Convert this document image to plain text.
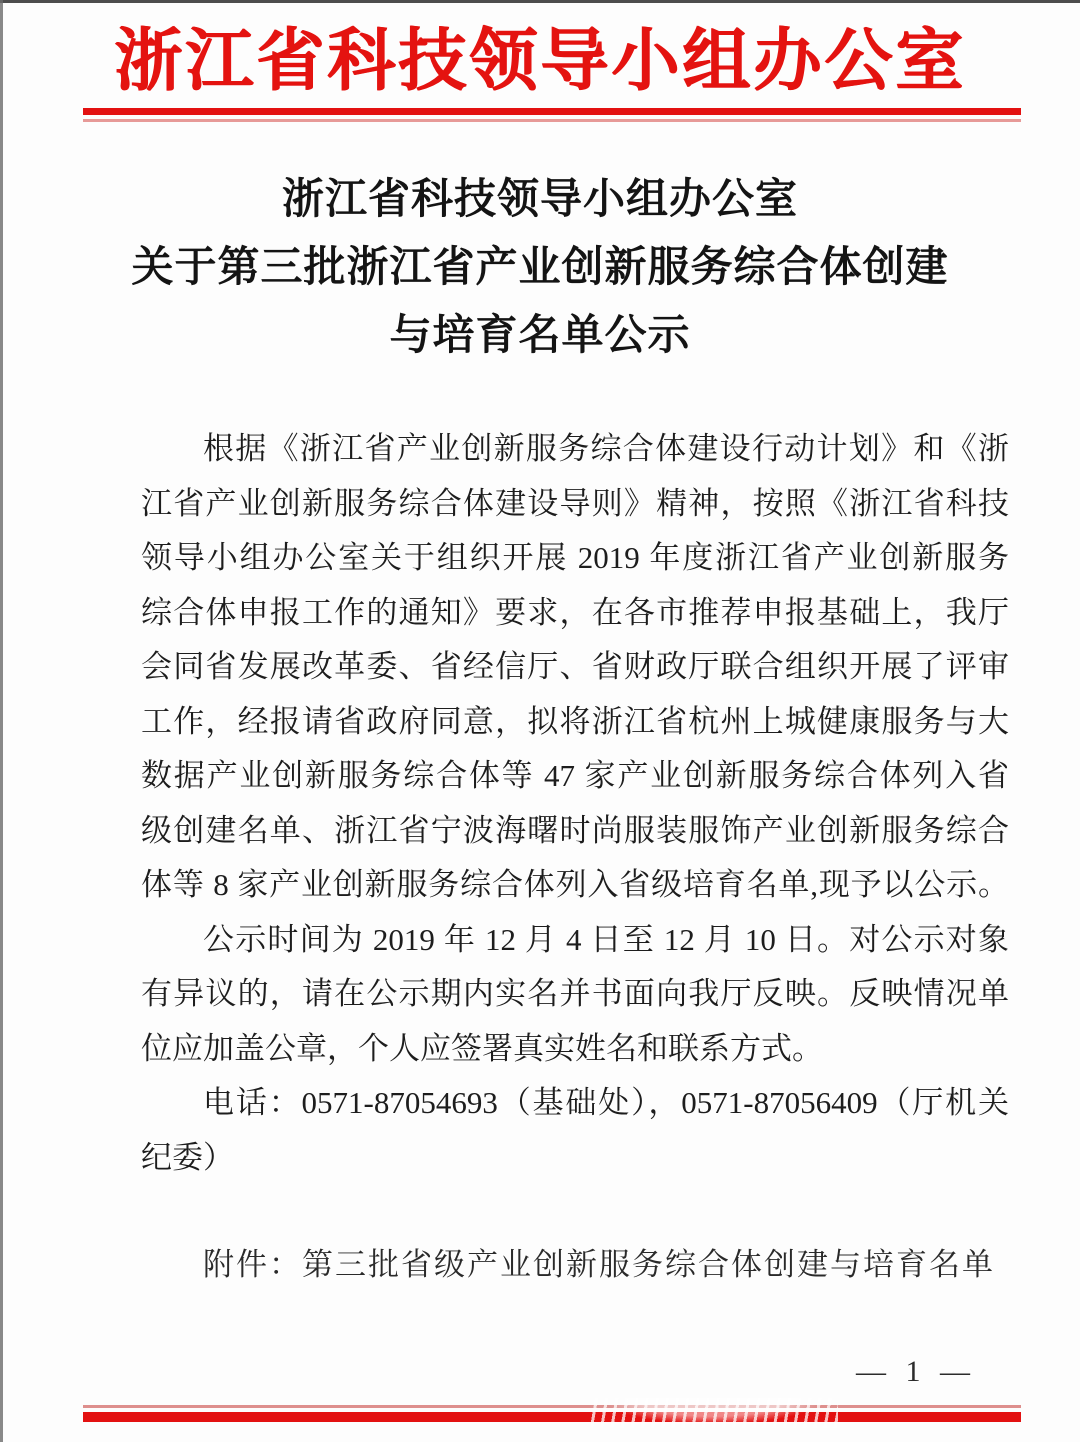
浙江省科技领导小组办公室
浙江省科技领导小组办公室
关于第三批浙江省产业创新服务综合体创建
与培育名单公示
根据《浙江省产业创新服务综合体建设行动计划》和《浙
江省产业创新服务综合体建设导则》精神，按照《浙江省科技
领导小组办公室关于组织开展 2019 年度浙江省产业创新服务
综合体申报工作的通知》要求，在各市推荐申报基础上，我厅
会同省发展改革委、省经信厅、省财政厅联合组织开展了评审
工作，经报请省政府同意，拟将浙江省杭州上城健康服务与大
数据产业创新服务综合体等 47 家产业创新服务综合体列入省
级创建名单、浙江省宁波海曙时尚服装服饰产业创新服务综合
体等 8 家产业创新服务综合体列入省级培育名单,现予以公示。
公示时间为 2019 年 12 月 4 日至 12 月 10 日。对公示对象
有异议的，请在公示期内实名并书面向我厅反映。反映情况单
位应加盖公章，个人应签署真实姓名和联系方式。
电话：0571-87054693（基础处），0571-87056409（厅机关
纪委）
附件：第三批省级产业创新服务综合体创建与培育名单
— 1 —
